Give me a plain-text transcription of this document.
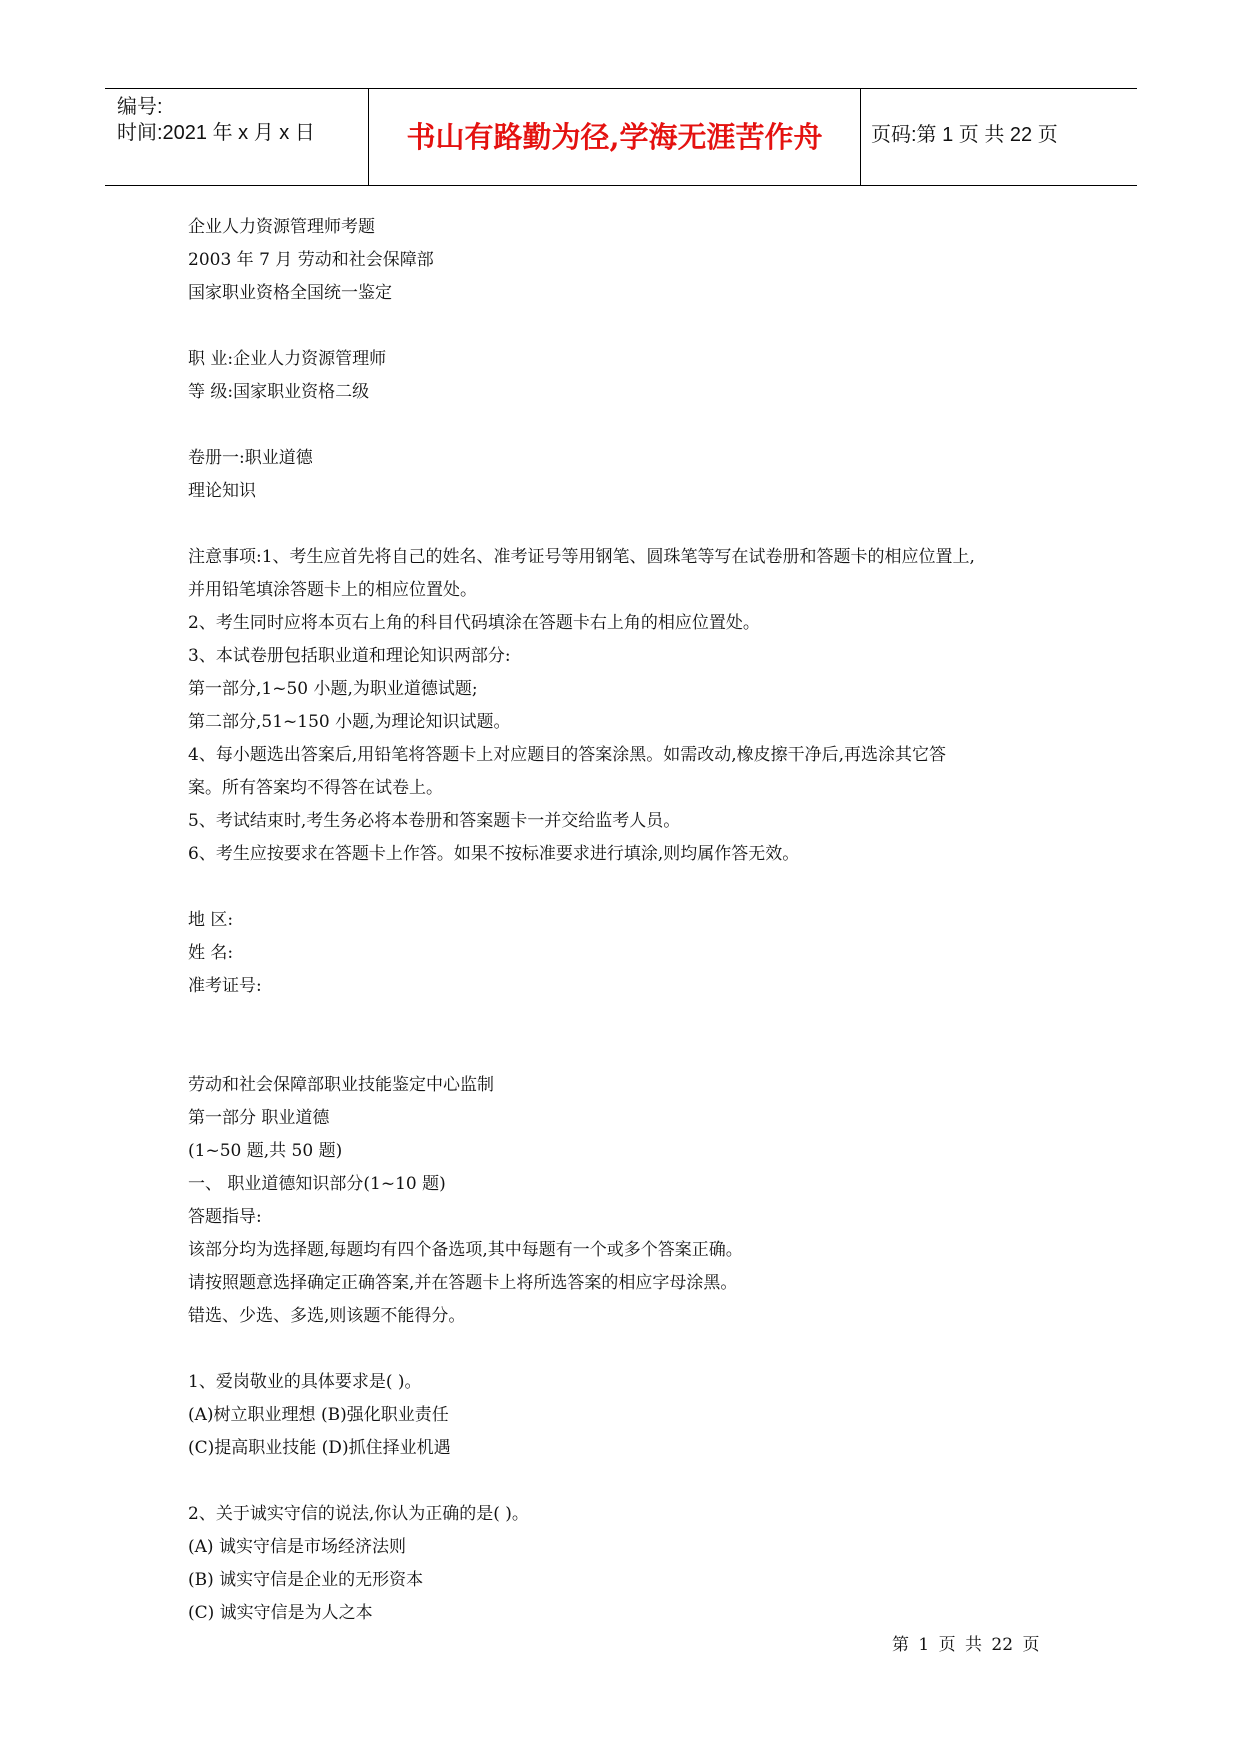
编号:
时间:2021 年 x 月 x 日	书山有路勤为径,学海无涯苦作舟	页码:第 1 页 共 22 页
企业人力资源管理师考题
2003 年 7 月 劳动和社会保障部
国家职业资格全国统一鉴定
职 业:企业人力资源管理师
等 级:国家职业资格二级
卷册一:职业道德
理论知识
注意事项:1、考生应首先将自己的姓名、准考证号等用钢笔、圆珠笔等写在试卷册和答题卡的相应位置上,
并用铅笔填涂答题卡上的相应位置处。
2、考生同时应将本页右上角的科目代码填涂在答题卡右上角的相应位置处。
3、本试卷册包括职业道和理论知识两部分:
第一部分,1~50 小题,为职业道德试题;
第二部分,51~150 小题,为理论知识试题。
4、每小题选出答案后,用铅笔将答题卡上对应题目的答案涂黑。如需改动,橡皮擦干净后,再选涂其它答
案。所有答案均不得答在试卷上。
5、考试结束时,考生务必将本卷册和答案题卡一并交给监考人员。
6、考生应按要求在答题卡上作答。如果不按标准要求进行填涂,则均属作答无效。
地 区:
姓 名:
准考证号:
劳动和社会保障部职业技能鉴定中心监制
第一部分 职业道德
(1~50 题,共 50 题)
一、 职业道德知识部分(1~10 题)
答题指导:
该部分均为选择题,每题均有四个备选项,其中每题有一个或多个答案正确。
请按照题意选择确定正确答案,并在答题卡上将所选答案的相应字母涂黑。
错选、少选、多选,则该题不能得分。
1、爱岗敬业的具体要求是( )。
(A)树立职业理想 (B)强化职业责任
(C)提高职业技能 (D)抓住择业机遇
2、关于诚实守信的说法,你认为正确的是( )。
(A) 诚实守信是市场经济法则
(B) 诚实守信是企业的无形资本
(C) 诚实守信是为人之本
第 1 页 共 22 页
